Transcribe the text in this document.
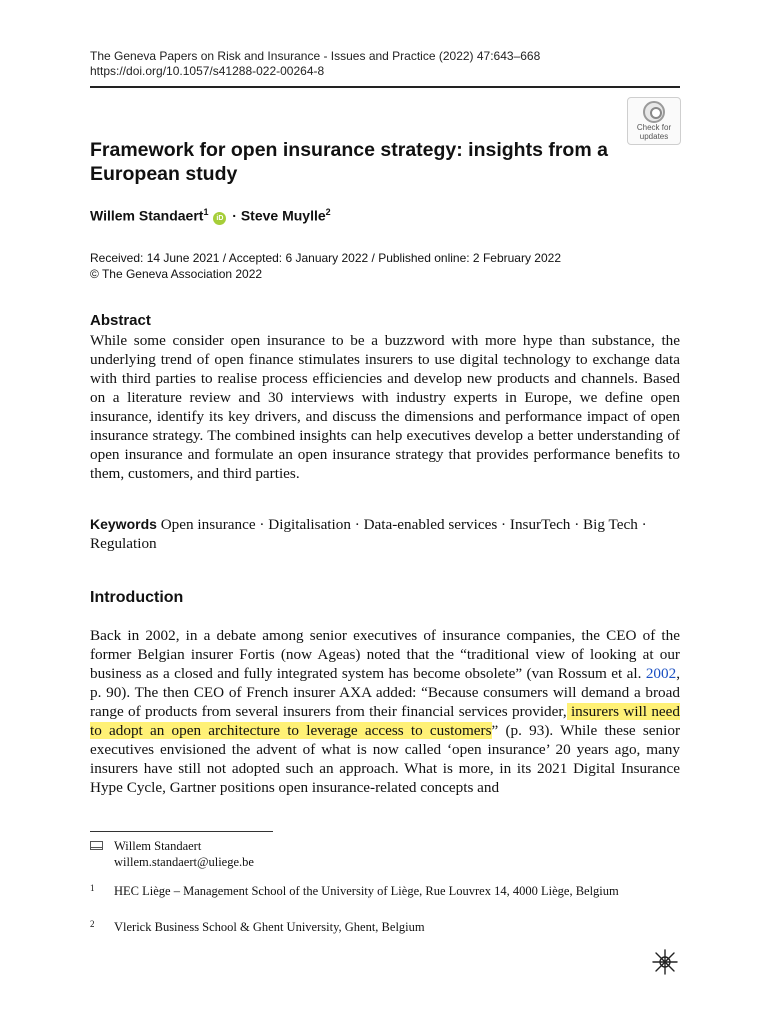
The Geneva Papers on Risk and Insurance - Issues and Practice (2022) 47:643–668
https://doi.org/10.1057/s41288-022-00264-8
Check for
updates
Framework for open insurance strategy: insights from a European study
Willem Standaert$^1$ iD · Steve Muylle$^2$
Received: 14 June 2021 / Accepted: 6 January 2022 / Published online: 2 February 2022
© The Geneva Association 2022
Abstract
While some consider open insurance to be a buzzword with more hype than substance, the underlying trend of open finance stimulates insurers to use digital technology to exchange data with third parties to realise process efficiencies and develop new products and channels. Based on a literature review and 30 interviews with industry experts in Europe, we define open insurance, identify its key drivers, and discuss the dimensions and performance impact of open insurance strategy. The combined insights can help executives develop a better understanding of open insurance and formulate an open insurance strategy that provides performance benefits to them, customers, and third parties.
Keywords Open insurance · Digitalisation · Data-enabled services · InsurTech · Big Tech · Regulation
Introduction
Back in 2002, in a debate among senior executives of insurance companies, the CEO of the former Belgian insurer Fortis (now Ageas) noted that the “traditional view of looking at our business as a closed and fully integrated system has become obsolete” (van Rossum et al. 2002, p. 90). The then CEO of French insurer AXA added: “Because consumers will demand a broad range of products from several insurers from their financial services provider, insurers will need to adopt an open architecture to leverage access to customers” (p. 93). While these senior executives envisioned the advent of what is now called ‘open insurance’ 20 years ago, many insurers have still not adopted such an approach. What is more, in its 2021 Digital Insurance Hype Cycle, Gartner positions open insurance-related concepts and
Willem Standaert
willem.standaert@uliege.be
1 HEC Liège – Management School of the University of Liège, Rue Louvrex 14, 4000 Liège, Belgium
2 Vlerick Business School & Ghent University, Ghent, Belgium
